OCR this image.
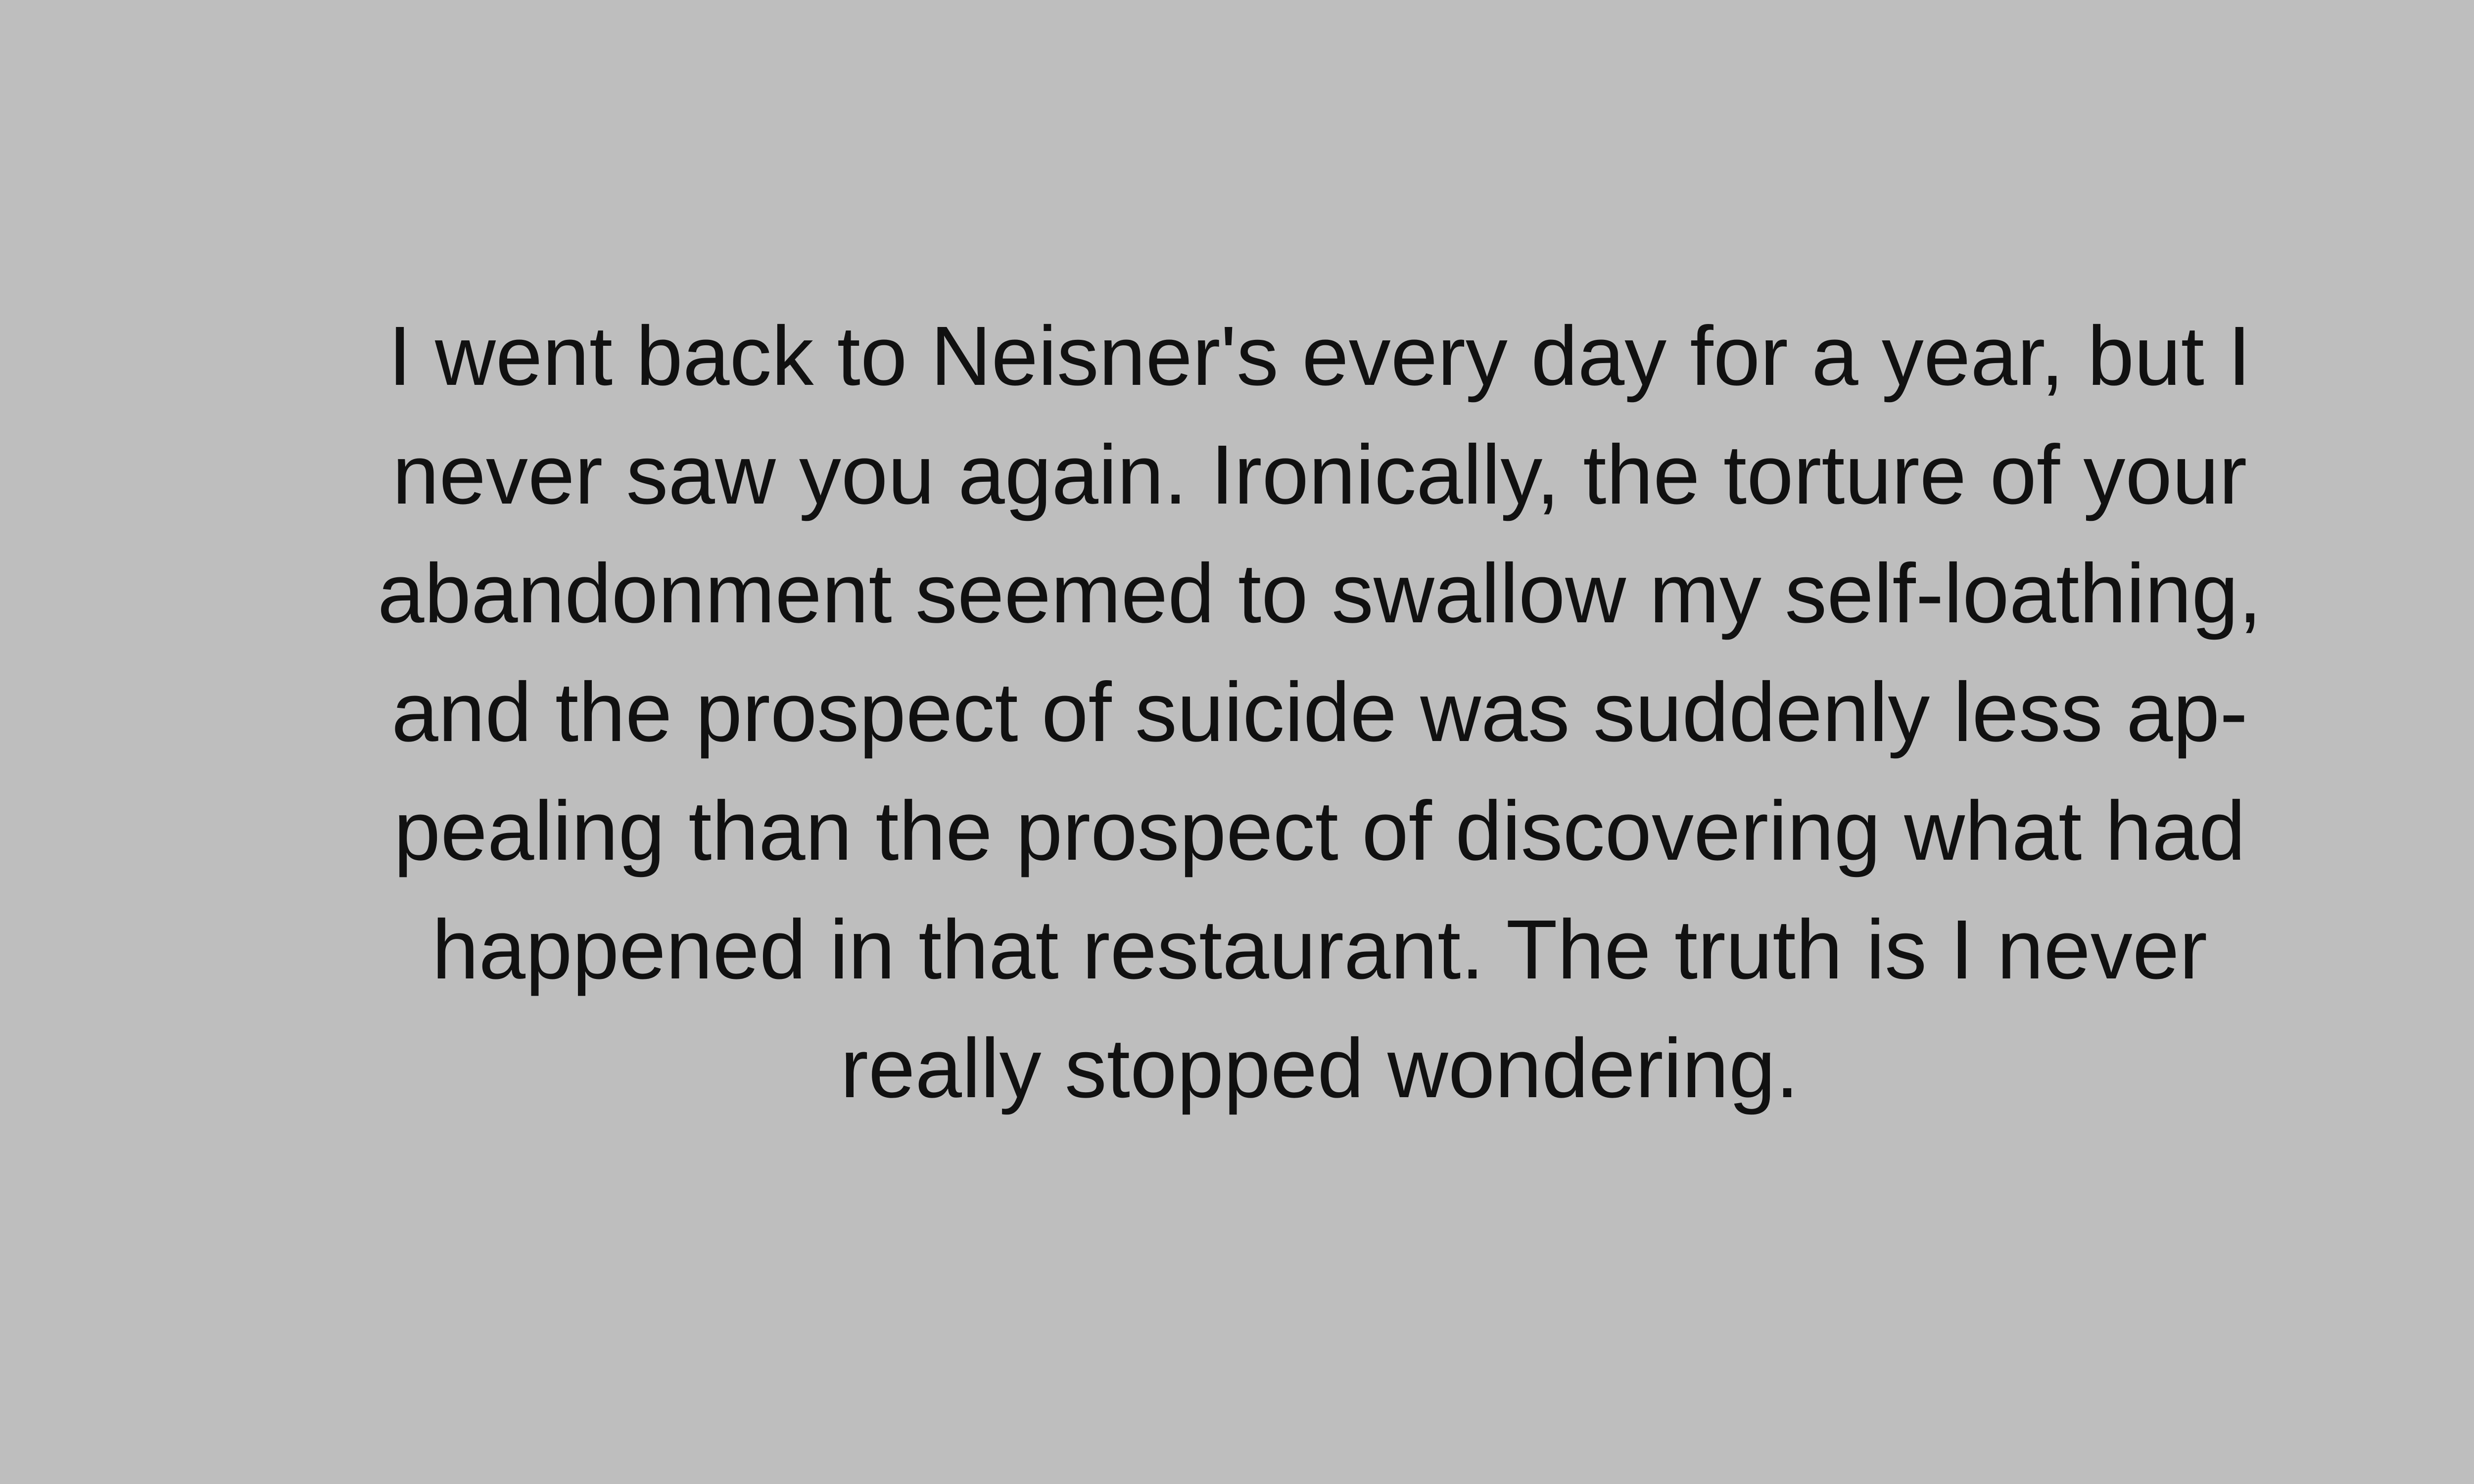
I went back to Neisner's every day for a year, but I
never saw you again. Ironically, the torture of your
abandonment seemed to swallow my self-loathing,
and the prospect of suicide was suddenly less ap-
pealing than the prospect of discovering what had
happened in that restaurant. The truth is I never
really stopped wondering.
